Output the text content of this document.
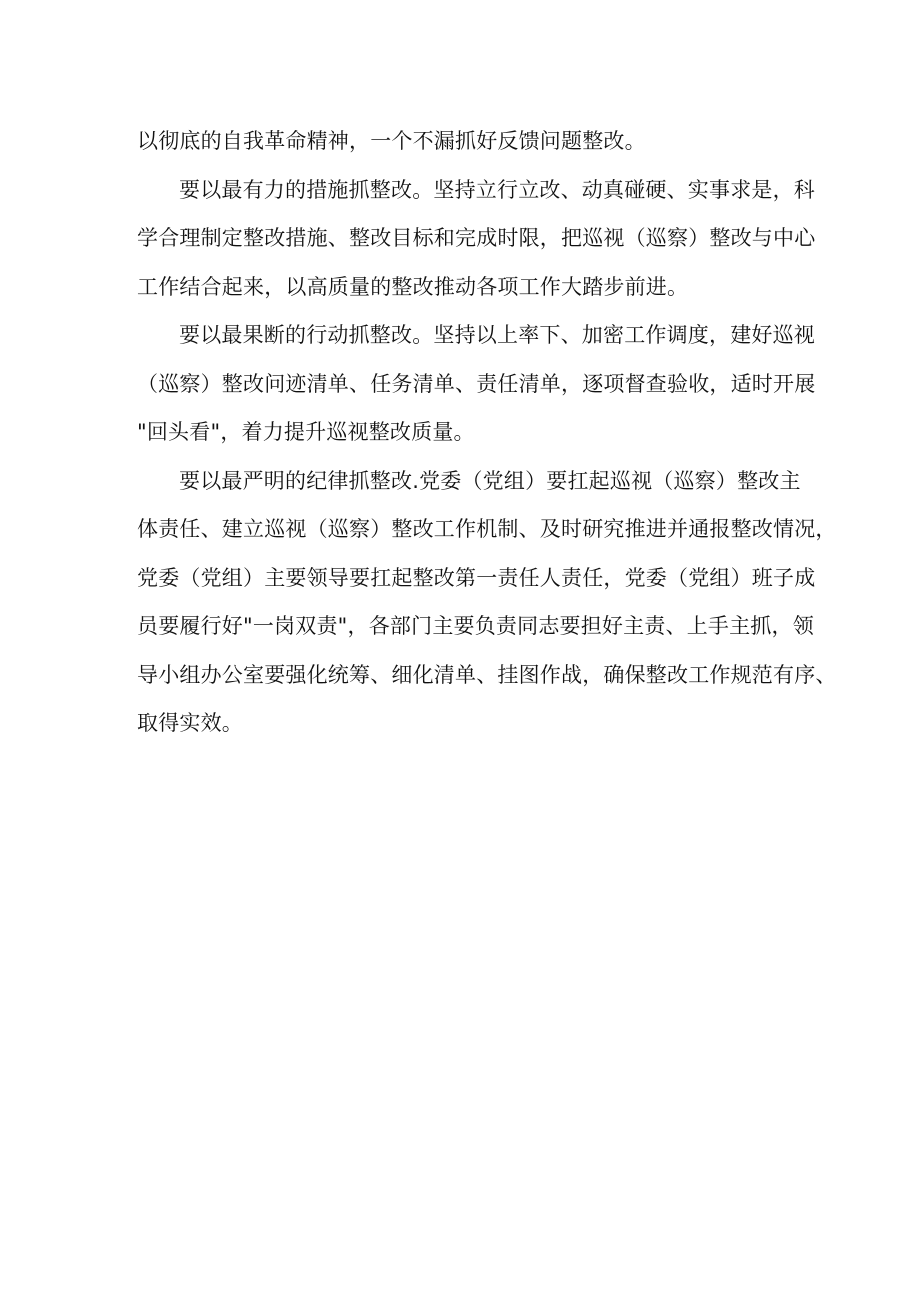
以彻底的自我革命精神，一个不漏抓好反馈问题整改。

要以最有力的措施抓整改。坚持立行立改、动真碰硬、实事求是，科
学合理制定整改措施、整改目标和完成时限，把巡视（巡察）整改与中心
工作结合起来，以高质量的整改推动各项工作大踏步前进。

要以最果断的行动抓整改。坚持以上率下、加密工作调度，建好巡视
（巡察）整改问迹清单、任务清单、责任清单，逐项督查验收，适时开展
"回头看"，着力提升巡视整改质量。

要以最严明的纪律抓整改.党委（党组）要扛起巡视（巡察）整改主
体责任、建立巡视（巡察）整改工作机制、及时研究推进并通报整改情况，
党委（党组）主要领导要扛起整改第一责任人责任，党委（党组）班子成
员要履行好"一岗双责"，各部门主要负责同志要担好主责、上手主抓，领
导小组办公室要强化统筹、细化清单、挂图作战，确保整改工作规范有序、
取得实效。
